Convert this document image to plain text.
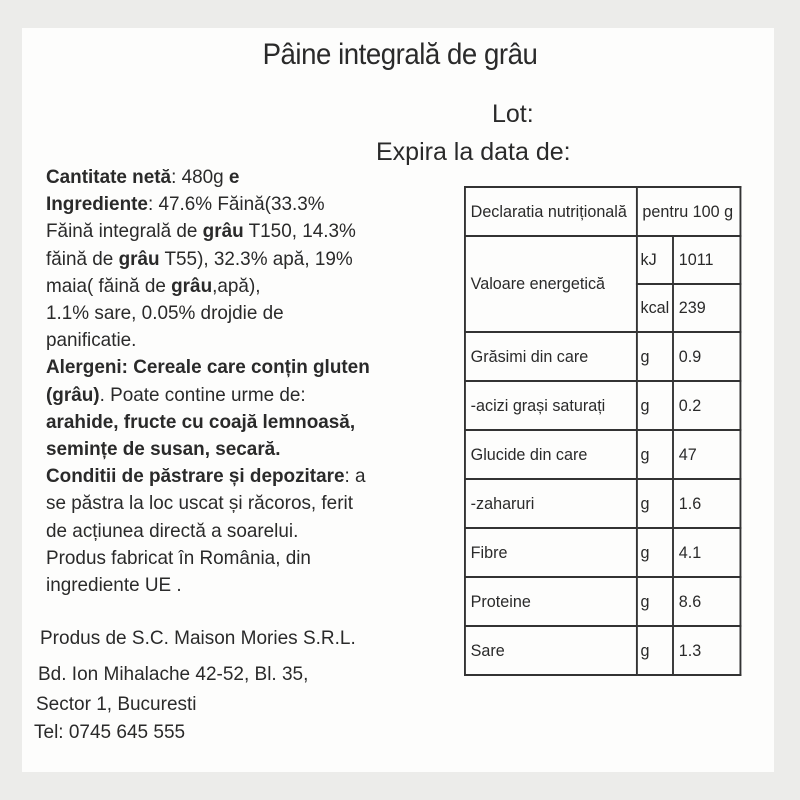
Pâine integrală de grâu
Lot:
Expira la data de:
Cantitate netă: 480g e
Ingrediente: 47.6% Făină(33.3%
Făină integrală de grâu T150, 14.3%
făină de grâu T55), 32.3% apă, 19%
maia( făină de grâu,apă),
1.1% sare, 0.05% drojdie de
panificatie.
Alergeni: Cereale care conțin gluten
(grâu). Poate contine urme de:
arahide, fructe cu coajă lemnoasă,
semințe de susan, secară.
Conditii de păstrare și depozitare: a
se păstra la loc uscat și răcoros, ferit
de acțiunea directă a soarelui.
Produs fabricat în România, din
ingrediente UE .
Produs de S.C. Maison Mories S.R.L.
Bd. Ion Mihalache 42-52, Bl. 35,
Sector 1, Bucuresti
Tel: 0745 645 555
Declaratia nutrițională	pentru 100 g	
Valoare energetică	kJ	1011
	kcal	239
Grăsimi din care	g	0.9
-acizi grași saturați	g	0.2
Glucide din care	g	47
-zaharuri	g	1.6
Fibre	g	4.1
Proteine	g	8.6
Sare	g	1.3
